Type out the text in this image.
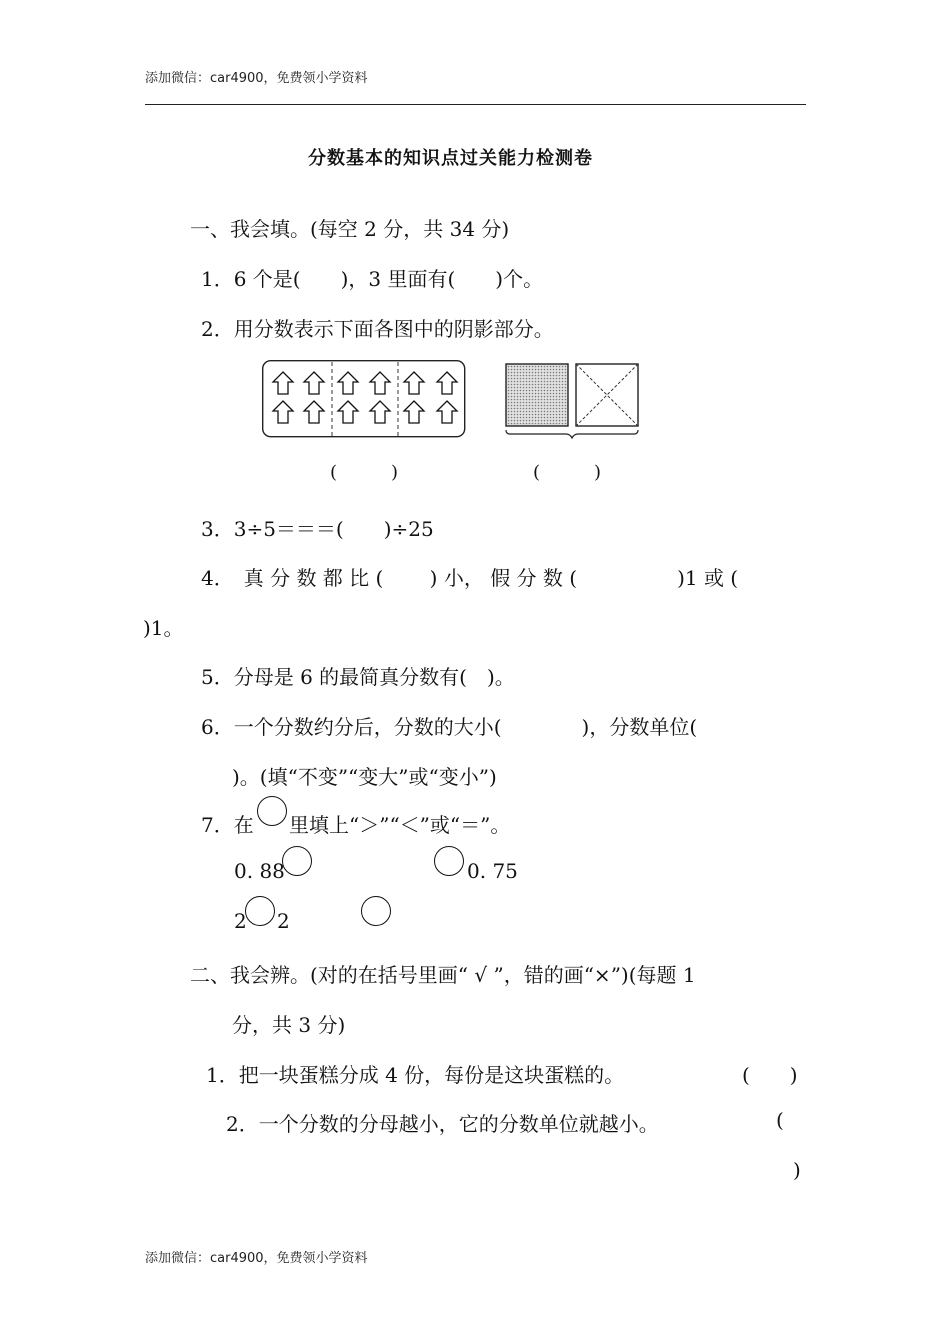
添加微信：car4900，免费领小学资料
分数基本的知识点过关能力检测卷
一、我会填。(每空 2 分，共 34 分)
1．6 个是(　　)，3 里面有(　　)个。
2．用分数表示下面各图中的阴影部分。
(　　　)	(　　　)
3．3÷5＝＝＝(　　)÷25
4．　真 分 数 都 比 (　　 ) 小， 假 分 数 (　　　　　)1 或 (
)1。
5．分母是 6 的最简真分数有(　)。
6．一个分数约分后，分数的大小(　　　　)，分数单位(
)。(填“不变”“变大”或“变小”)
7．在 里填上“＞”“＜”或“＝”。
0. 88	0. 75
2 2
二、我会辨。(对的在括号里画“ √ ”，错的画“×”)(每题 1
分，共 3 分)
1．把一块蛋糕分成 4 份，每份是这块蛋糕的。	(　　)
2．一个分数的分母越小，它的分数单位就越小。	(
)
添加微信：car4900，免费领小学资料
